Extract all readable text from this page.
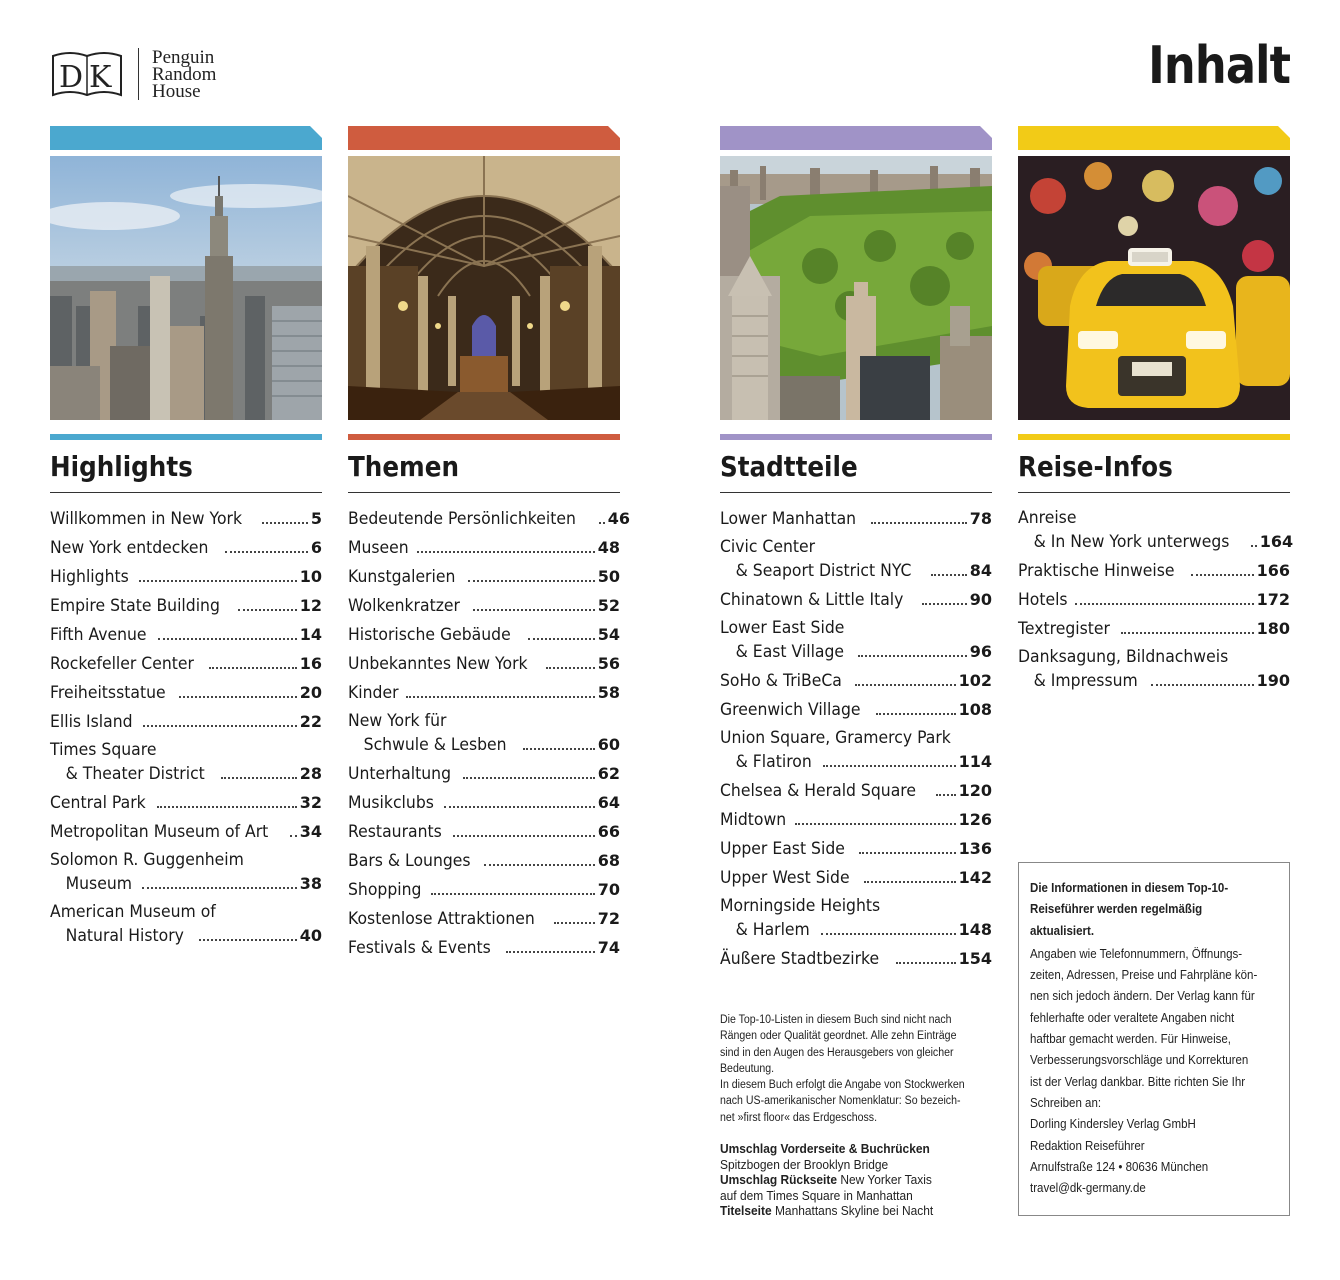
D K
Penguin
Random
House	Inhalt
Highlights
Willkommen in New York	5
New York entdecken	6
Highlights	10
Empire State Building	12
Fifth Avenue	14
Rockefeller Center	16
Freiheitsstatue	20
Ellis Island	22
Times Square
& Theater District	28
Central Park	32
Metropolitan Museum of Art 34
Solomon R. Guggenheim
Museum	38
American Museum of
Natural History	40
Themen
Bedeutende Persönlichkeiten 46
Museen	48
Kunstgalerien	50
Wolkenkratzer	52
Historische Gebäude	54
Unbekanntes New York	56
Kinder	58
New York für
Schwule & Lesben	60
Unterhaltung	62
Musikclubs	64
Restaurants	66
Bars & Lounges	68
Shopping	70
Kostenlose Attraktionen	72
Festivals & Events	74
Stadtteile
Lower Manhattan	78
Civic Center
& Seaport District NYC	84
Chinatown & Little Italy	90
Lower East Side
& East Village	96
SoHo & TriBeCa	102
Greenwich Village	108
Union Square, Gramercy Park
& Flatiron	114
Chelsea & Herald Square	120
Midtown	126
Upper East Side	136
Upper West Side	142
Morningside Heights
& Harlem	148
Äußere Stadtbezirke	154
Reise-Infos
Anreise
& In New York unterwegs 164
Praktische Hinweise	166
Hotels	172
Textregister	180
Danksagung, Bildnachweis
& Impressum	190

Die Top-10-Listen in diesem Buch sind nicht nach

Rängen oder Qualität geordnet. Alle zehn Einträge

sind in den Augen des Herausgebers von gleicher

Bedeutung.

In diesem Buch erfolgt die Angabe von Stockwerken

nach US-amerikanischer Nomenklatur: So bezeich-

net »first floor« das Erdgeschoss.

Umschlag Vorderseite & Buchrücken
Spitzbogen der Brooklyn Bridge
Umschlag Rückseite New Yorker Taxis
auf dem Times Square in Manhattan
Titelseite Manhattans Skyline bei Nacht
Die Informationen in diesem Top-10-
Reiseführer werden regelmäßig
aktualisiert.
Angaben wie Telefonnummern, Öffnungs-
zeiten, Adressen, Preise und Fahrpläne kön-
nen sich jedoch ändern. Der Verlag kann für
fehlerhafte oder veraltete Angaben nicht
haftbar gemacht werden. Für Hinweise,
Verbesserungsvorschläge und Korrekturen
ist der Verlag dankbar. Bitte richten Sie Ihr
Schreiben an:
Dorling Kindersley Verlag GmbH
Redaktion Reiseführer
Arnulfstraße 124 • 80636 München
travel@dk-germany.de
